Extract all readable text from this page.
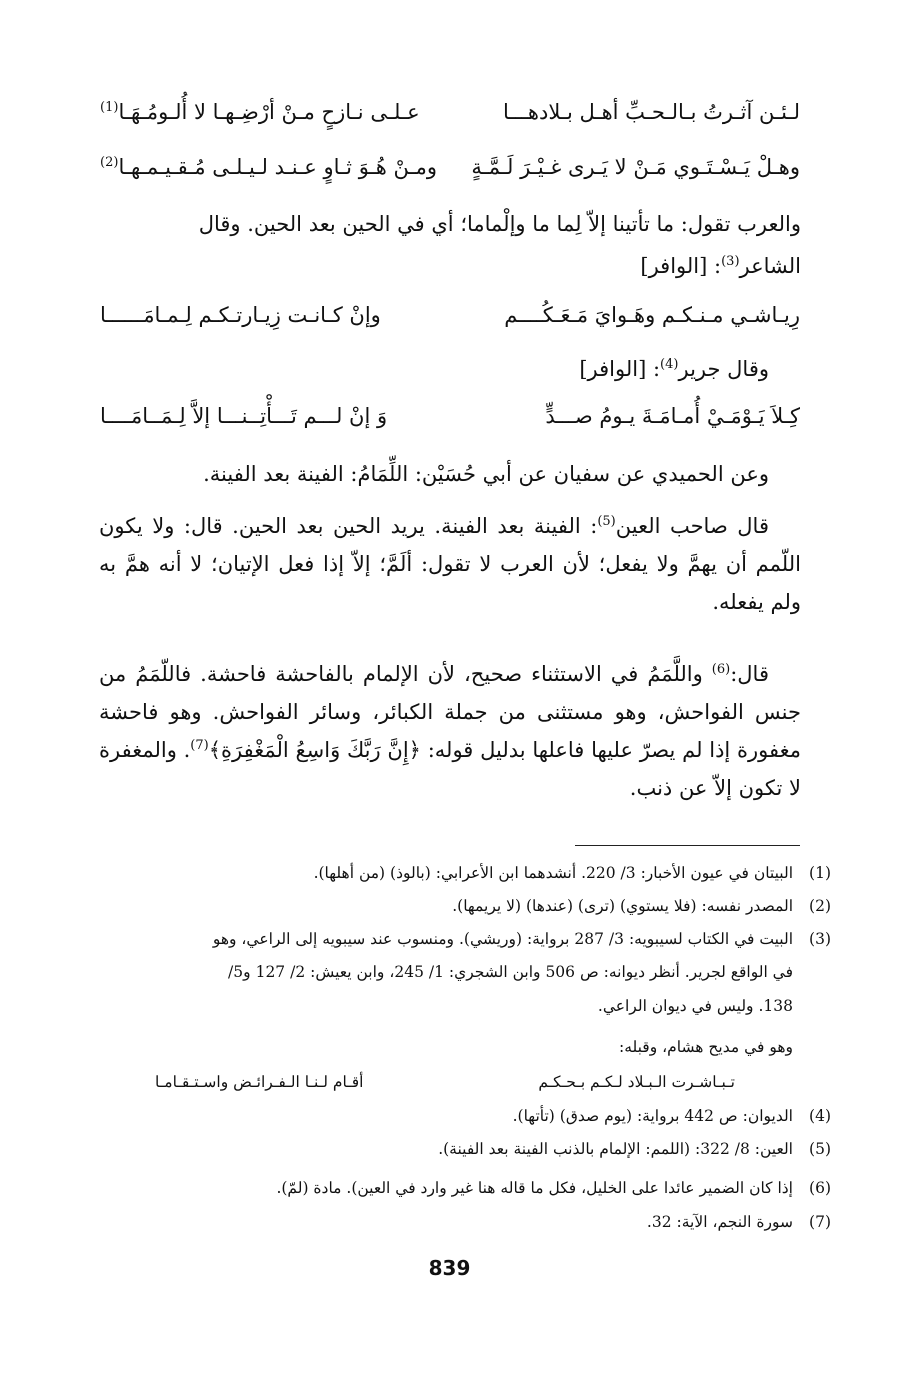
لـئـن آثـرتُ بـالـحـبِّ أهـل بـلادهـــا
عـلـى نـازحٍ مـنْ أرْضِـهـا لا أُلـومُـهَـا$^{(1)}$
وهـلْ يَـسْـتَـوي مَـنْ لا يَـرى غـيْـرَ لَـمَّـةٍ
ومـنْ هُـوَ ثـاوٍ عـنـد لـيـلـى مُـقـيـمـهـا$^{(2)}$
والعرب تقول: ما تأتينا إلاّ لِما ما وإلْماما؛ أي في الحين بعد الحين. وقال
الشاعر$^{(3)}$: [الوافر]
رِيـاشـي مـنـكـم وهَـوايَ مَـعَـكُــــم
وإنْ كـانـت زِيـارتـكـم لِـمـامَــــــا
وقال جرير$^{(4)}$: [الوافر]
كِـلاَ يَـوْمَـيْ أُمـامَـةَ يـومُ صـــدٍّ
وَ إنْ لـــم تَـــأْتِــنـــا إلاَّ لِـمَــامَــــا
وعن الحميدي عن سفيان عن أبي حُسَيْن: اللِّمَامُ: الفينة بعد الفينة.
قال صاحب العين$^{(5)}$: الفينة بعد الفينة. يريد الحين بعد الحين. قال: ولا يكون اللّمم أن يهمَّ ولا يفعل؛ لأن العرب لا تقول: ألَمَّ؛ إلاّ إذا فعل الإتيان؛ لا أنه همَّ به ولم يفعله.
قال:$^{(6)}$ واللَّمَمُ في الاستثناء صحيح، لأن الإلمام بالفاحشة فاحشة. فاللّمَمُ من جنس الفواحش، وهو مستثنى من جملة الكبائر، وسائر الفواحش. وهو فاحشة مغفورة إذا لم يصرّ عليها فاعلها بدليل قوله: ﴿إِنَّ رَبَّكَ وَاسِعُ الْمَغْفِرَةِ﴾$^{(7)}$. والمغفرة لا تكون إلاّ عن ذنب.
(1)
البيتان في عيون الأخبار: 3/ 220. أنشدهما ابن الأعرابي: (بالوذ) (من أهلها).
(2)
المصدر نفسه: (فلا يستوي) (ترى) (عندها) (لا يريمها).
(3)
البيت في الكتاب لسيبويه: 3/ 287 برواية: (وريشي). ومنسوب عند سيبويه إلى الراعي، وهو
في الواقع لجرير. أنظر ديوانه: ص 506 وابن الشجري: 1/ 245، وابن يعيش: 2/ 127 و5/
138. وليس في ديوان الراعي.
وهو في مديح هشام، وقبله:
تـبـاشـرت الـبـلاد لـكـم بـحـكـم
أقـام لـنـا الـفـرائـض واسـتـقـامـا
(4)
الديوان: ص 442 برواية: (يوم صدق) (تأتها).
(5)
العين: 8/ 322: (اللمم: الإلمام بالذنب الفينة بعد الفينة).
(6)
إذا كان الضمير عائدا على الخليل، فكل ما قاله هنا غير وارد في العين). مادة (لمّ).
(7)
سورة النجم، الآية: 32.
839
